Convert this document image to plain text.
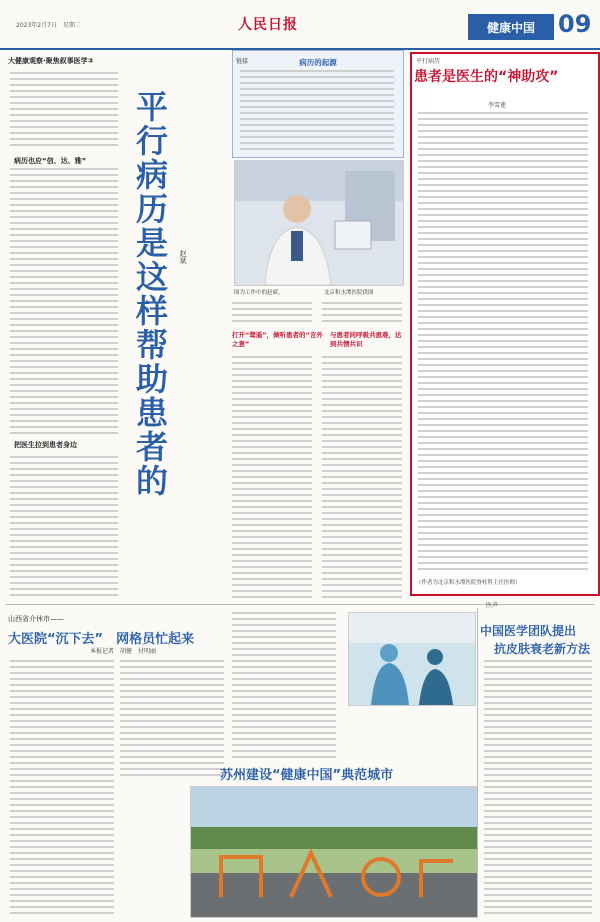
2023年2月7日　星期二	人民日报	健康中国 09
大健康观察·聚焦叙事医学②
病历也应“信、达、雅”
把医生拉到患者身边 平行病历是这样帮助患者的 赵斌
病历的起源
链接
图为工作中的赵斌。	北京积水潭医院供图
打开“鸳遥”，倾听患者的“言外之意”
与患者同呼吸共患难，达到共情共识
平行病历
患者是医生的“神助攻”
李雪莲
（作者为北京积水潭医院脊柱科主任医师）
山西省介休市——
大医院“沉下去”　网格员忙起来
本报记者　胡健　付明丽
苏州建设“健康中国”典范城市
医声
中国医学团队提出
抗皮肤衰老新方法
